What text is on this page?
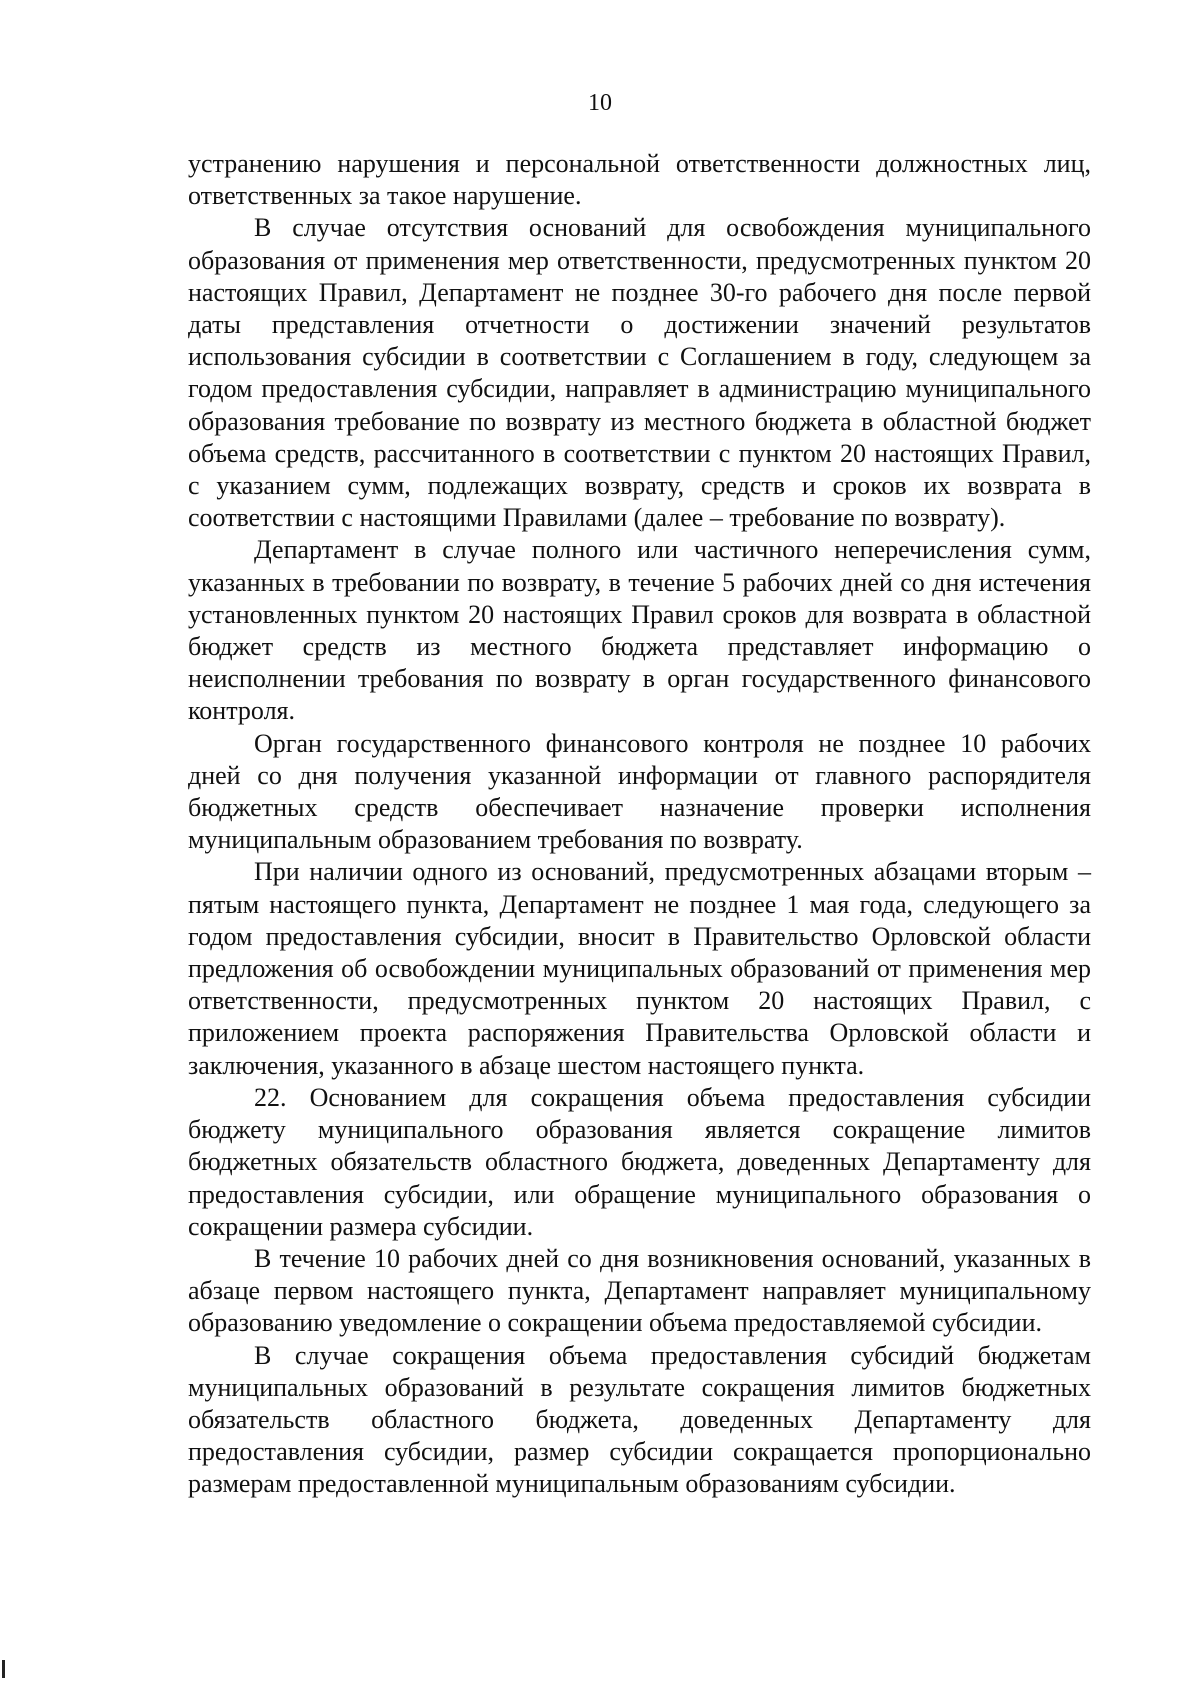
10

устранению нарушения и персональной ответственности должностных лиц, ответственных за такое нарушение.

В случае отсутствия оснований для освобождения муниципального образования от применения мер ответственности, предусмотренных пунктом 20 настоящих Правил, Департамент не позднее 30-го рабочего дня после первой даты представления отчетности о достижении значений результатов использования субсидии в соответствии с Соглашением в году, следующем за годом предоставления субсидии, направляет в администрацию муниципального образования требование по возврату из местного бюджета в областной бюджет объема средств, рассчитанного в соответствии с пунктом 20 настоящих Правил, с указанием сумм, подлежащих возврату, средств и сроков их возврата в соответствии с настоящими Правилами (далее – требование по возврату).

Департамент в случае полного или частичного неперечисления сумм, указанных в требовании по возврату, в течение 5 рабочих дней со дня истечения установленных пунктом 20 настоящих Правил сроков для возврата в областной бюджет средств из местного бюджета представляет информацию о неисполнении требования по возврату в орган государственного финансового контроля.

Орган государственного финансового контроля не позднее 10 рабочих дней со дня получения указанной информации от главного распорядителя бюджетных средств обеспечивает назначение проверки исполнения муниципальным образованием требования по возврату.

При наличии одного из оснований, предусмотренных абзацами вторым – пятым настоящего пункта, Департамент не позднее 1 мая года, следующего за годом предоставления субсидии, вносит в Правительство Орловской области предложения об освобождении муниципальных образований от применения мер ответственности, предусмотренных пунктом 20 настоящих Правил, с приложением проекта распоряжения Правительства Орловской области и заключения, указанного в абзаце шестом настоящего пункта.

22. Основанием для сокращения объема предоставления субсидии бюджету муниципального образования является сокращение лимитов бюджетных обязательств областного бюджета, доведенных Департаменту для предоставления субсидии, или обращение муниципального образования о сокращении размера субсидии.

В течение 10 рабочих дней со дня возникновения оснований, указанных в абзаце первом настоящего пункта, Департамент направляет муниципальному образованию уведомление о сокращении объема предоставляемой субсидии.

В случае сокращения объема предоставления субсидий бюджетам муниципальных образований в результате сокращения лимитов бюджетных обязательств областного бюджета, доведенных Департаменту для предоставления субсидии, размер субсидии сокращается пропорционально размерам предоставленной муниципальным образованиям субсидии.
